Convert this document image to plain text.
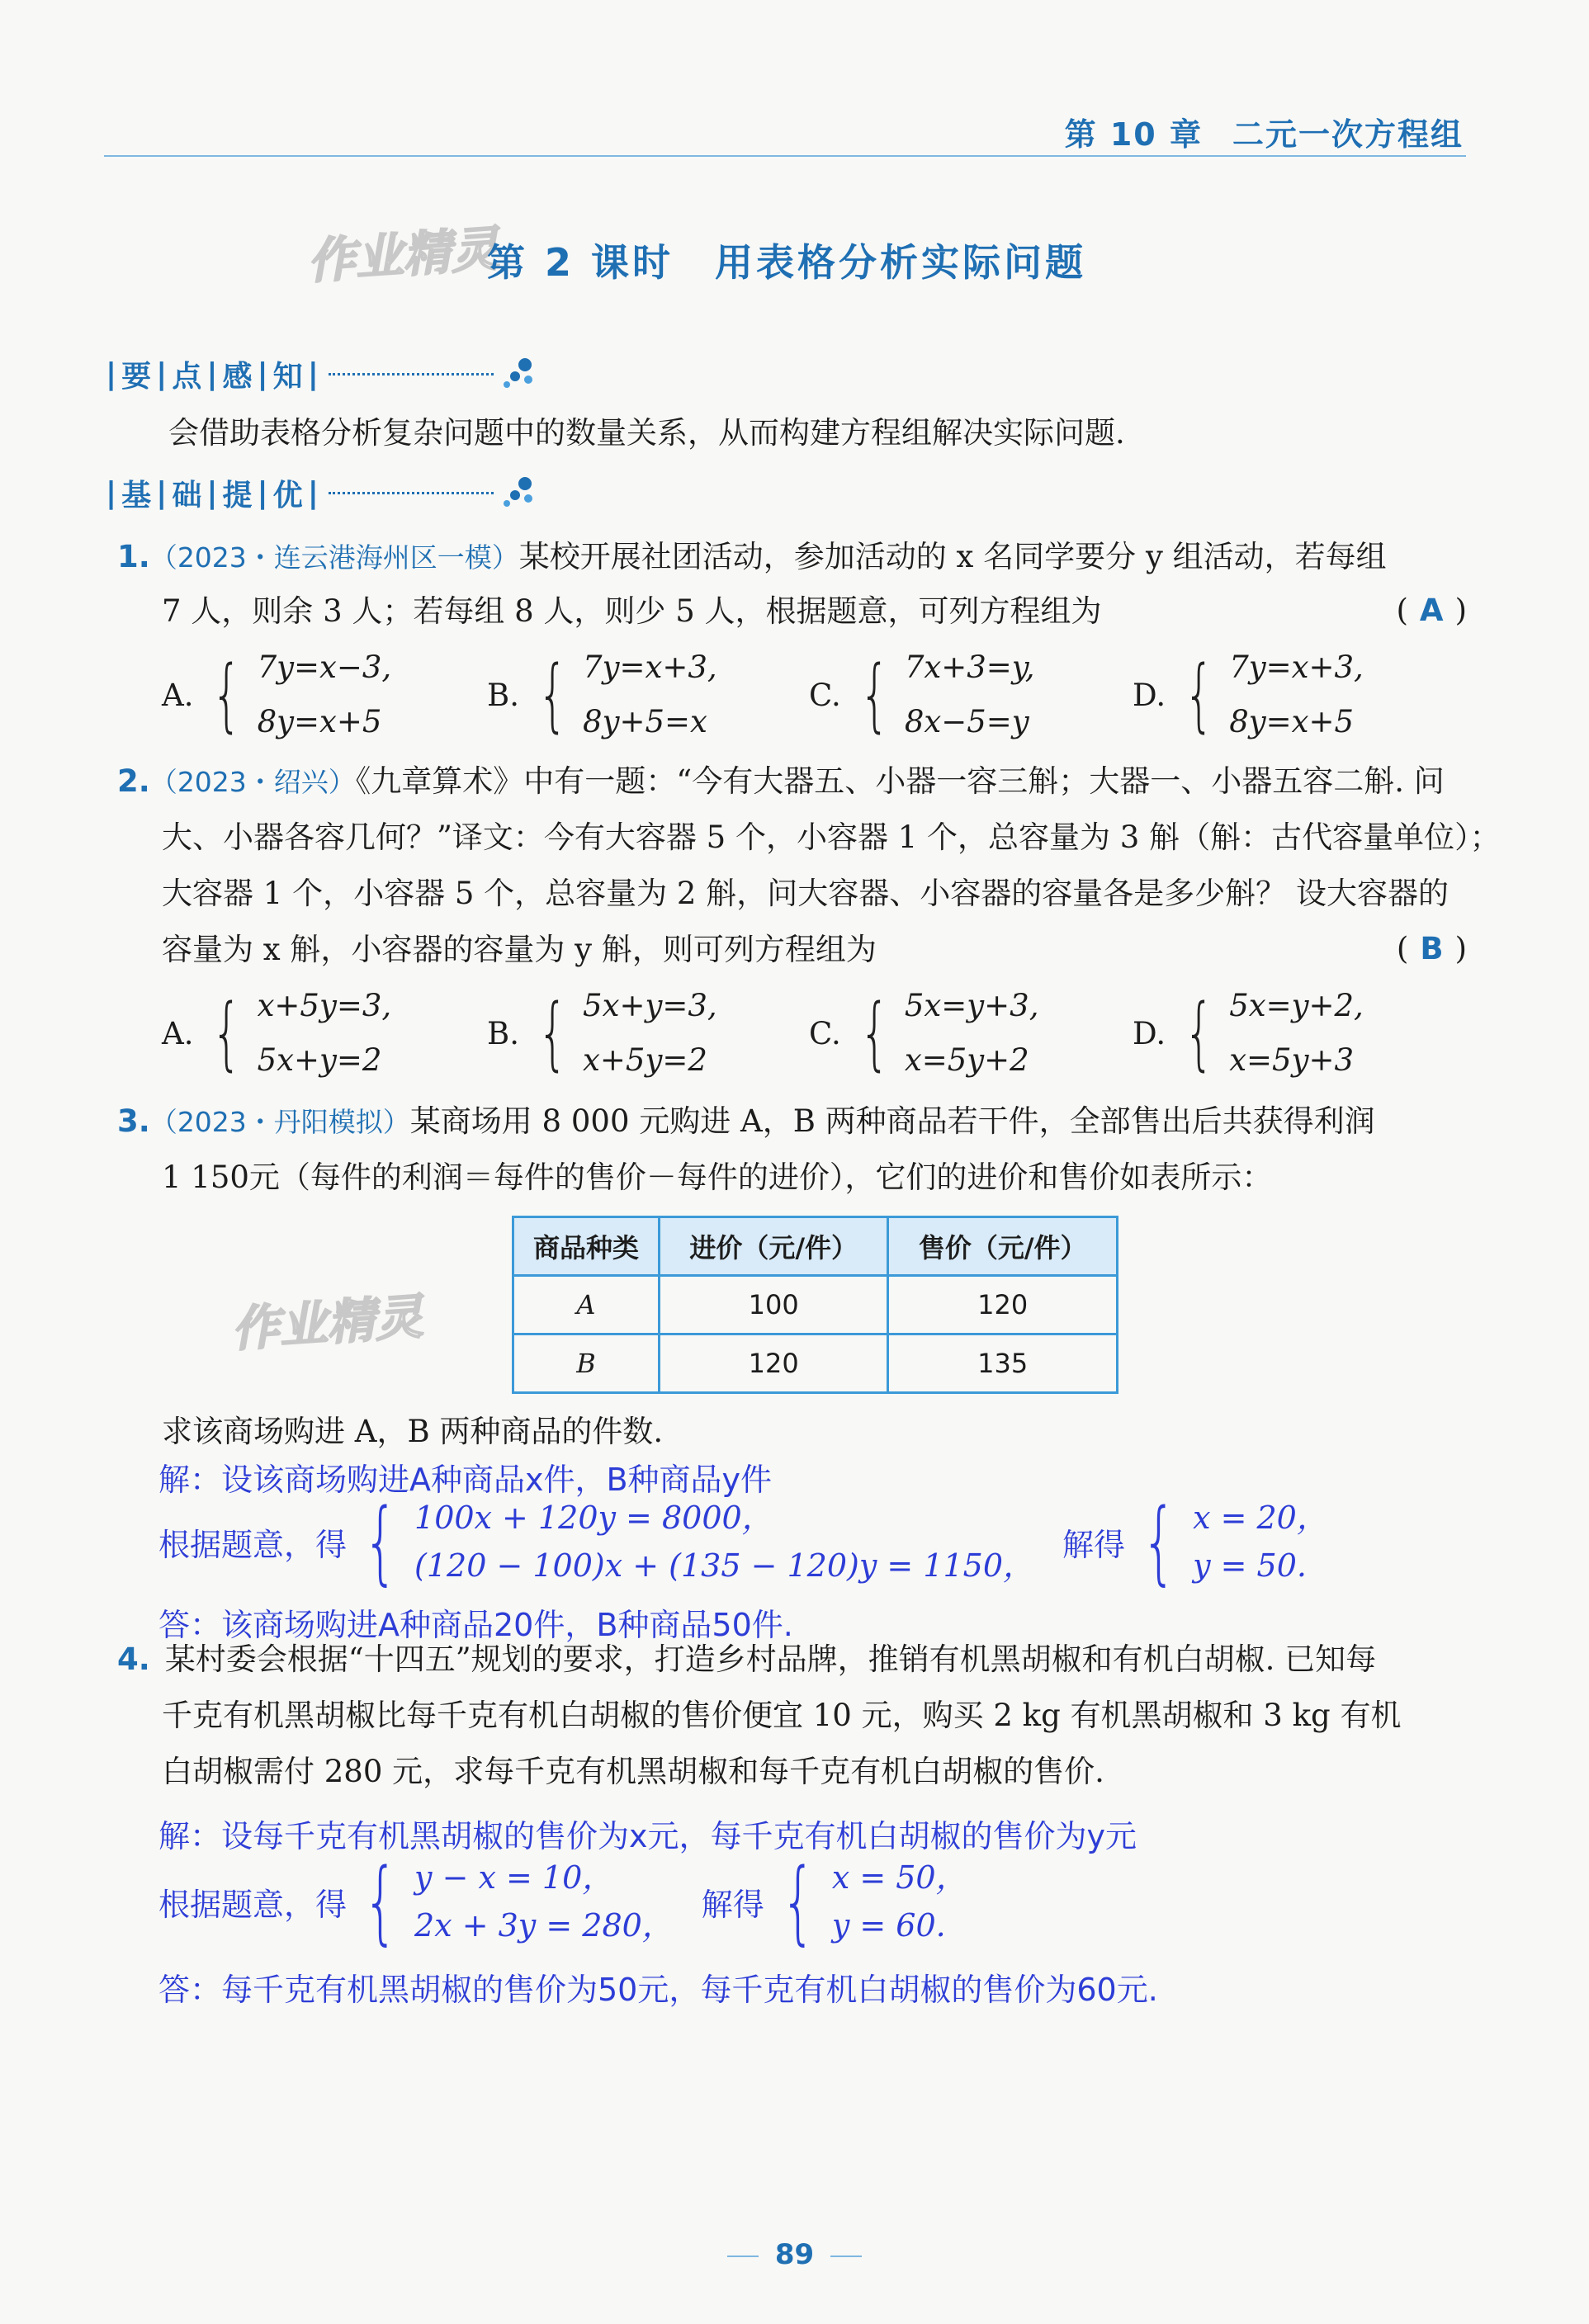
第 10 章 二元一次方程组
作业精灵
第 2 课时 用表格分析实际问题
| 要 | 点 | 感 | 知 |
会借助表格分析复杂问题中的数量关系，从而构建方程组解决实际问题.
| 基 | 础 | 提 | 优 |
1.（2023・连云港海州区一模）某校开展社团活动，参加活动的 x 名同学要分 y 组活动，若每组
7 人，则余 3 人；若每组 8 人，则少 5 人，根据题意，可列方程组为	( A )
A. { 7y=x−3,
8y=x+5
B. { 7y=x+3,
8y+5=x
C. { 7x+3=y,
8x−5=y
D. { 7y=x+3,
8y=x+5
2.（2023・绍兴）《九章算术》中有一题：“今有大器五、小器一容三斛；大器一、小器五容二斛. 问
大、小器各容几何？”译文：今有大容器 5 个，小容器 1 个，总容量为 3 斛（斛：古代容量单位）；
大容器 1 个，小容器 5 个，总容量为 2 斛，问大容器、小容器的容量各是多少斛？ 设大容器的
容量为 x 斛，小容器的容量为 y 斛，则可列方程组为	( B )
A. { x+5y=3,
5x+y=2
B. { 5x+y=3,
x+5y=2
C. { 5x=y+3,
x=5y+2
D. { 5x=y+2,
x=5y+3
3.（2023・丹阳模拟）某商场用 8 000 元购进 A，B 两种商品若干件，全部售出后共获得利润
1 150元（每件的利润＝每件的售价－每件的进价），它们的进价和售价如表所示：
作业精灵
商品种类	进价（元/件）	售价（元/件）
A	100	120
B	120	135
求该商场购进 A，B 两种商品的件数.
解：设该商场购进A种商品x件，B种商品y件
根据题意，得 { 100x + 120y = 8000，
(120 − 100)x + (135 − 120)y = 1150，
解得 { x = 20，
y = 50.
答：该商场购进A种商品20件，B种商品50件.
4. 某村委会根据“十四五”规划的要求，打造乡村品牌，推销有机黑胡椒和有机白胡椒. 已知每
千克有机黑胡椒比每千克有机白胡椒的售价便宜 10 元，购买 2 kg 有机黑胡椒和 3 kg 有机
白胡椒需付 280 元，求每千克有机黑胡椒和每千克有机白胡椒的售价.
解：设每千克有机黑胡椒的售价为x元，每千克有机白胡椒的售价为y元
根据题意，得 { y − x = 10，
2x + 3y = 280，
解得 { x = 50，
y = 60.
答：每千克有机黑胡椒的售价为50元，每千克有机白胡椒的售价为60元.
89
